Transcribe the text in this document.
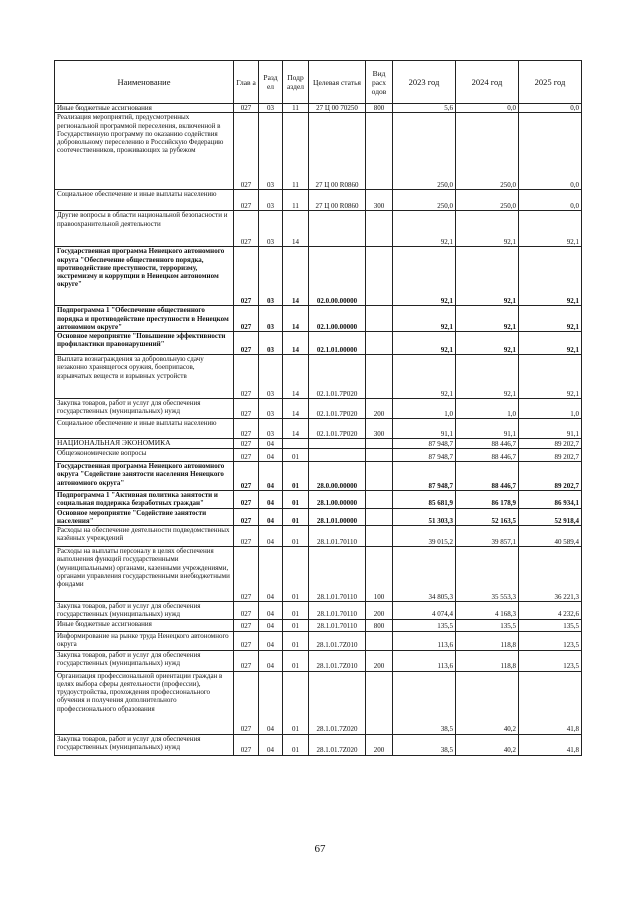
Наименование	Глав а	Разд ел	Подр аздел	Целевая статья	Вид расх одов	2023 год	2024 год	2025 год
Иные бюджетные ассигнования	027	03	11	27 Ц 00 70250	800	5,6	0,0	0,0
Реализация мероприятий, предусмотренных региональной программой переселения, включенной в Государственную программу по оказанию содействия добровольному переселению в Российскую Федерацию соотечественников, проживающих за рубежом	027	03	11	27 Ц 00 R0860		250,0	250,0	0,0
Социальное обеспечение и иные выплаты населению	027	03	11	27 Ц 00 R0860	300	250,0	250,0	0,0
Другие вопросы в области национальной безопасности и правоохранительной деятельности	027	03	14			92,1	92,1	92,1
Государственная программа Ненецкого автономного округа "Обеспечение общественного порядка, противодействие преступности, терроризму, экстремизму и коррупции в Ненецком автономном округе"	027	03	14	02.0.00.00000		92,1	92,1	92,1
Подпрограмма 1 "Обеспечение общественного порядка и противодействие преступности в Ненецком автономном округе"	027	03	14	02.1.00.00000		92,1	92,1	92,1
Основное мероприятие "Повышение эффективности профилактики правонарушений"	027	03	14	02.1.01.00000		92,1	92,1	92,1
Выплата вознаграждения за добровольную сдачу незаконно хранящегося оружия, боеприпасов, взрывчатых веществ и взрывных устройств	027	03	14	02.1.01.7Р020		92,1	92,1	92,1
Закупка товаров, работ и услуг для обеспечения государственных (муниципальных) нужд	027	03	14	02.1.01.7Р020	200	1,0	1,0	1,0
Социальное обеспечение и иные выплаты населению	027	03	14	02.1.01.7Р020	300	91,1	91,1	91,1
НАЦИОНАЛЬНАЯ ЭКОНОМИКА	027	04				87 948,7	88 446,7	89 202,7
Общеэкономические вопросы	027	04	01			87 948,7	88 446,7	89 202,7
Государственная программа Ненецкого автономного округа "Содействие занятости населения Ненецкого автономного округа"	027	04	01	28.0.00.00000		87 948,7	88 446,7	89 202,7
Подпрограмма 1 "Активная политика занятости и социальная поддержка безработных граждан"	027	04	01	28.1.00.00000		85 681,9	86 178,9	86 934,1
Основное мероприятие "Содействие занятости населения"	027	04	01	28.1.01.00000		51 303,3	52 163,5	52 918,4
Расходы на обеспечение деятельности подведомственных казённых учреждений	027	04	01	28.1.01.70110		39 015,2	39 857,1	40 589,4
Расходы на выплаты персоналу в целях обеспечения выполнения функций государственными (муниципальными) органами, казенными учреждениями, органами управления государственными внебюджетными фондами	027	04	01	28.1.01.70110	100	34 805,3	35 553,3	36 221,3
Закупка товаров, работ и услуг для обеспечения государственных (муниципальных) нужд	027	04	01	28.1.01.70110	200	4 074,4	4 168,3	4 232,6
Иные бюджетные ассигнования	027	04	01	28.1.01.70110	800	135,5	135,5	135,5
Информирование на рынке труда Ненецкого автономного округа	027	04	01	28.1.01.7Z010		113,6	118,8	123,5
Закупка товаров, работ и услуг для обеспечения государственных (муниципальных) нужд	027	04	01	28.1.01.7Z010	200	113,6	118,8	123,5
Организация профессиональной ориентации граждан в целях выбора сферы деятельности (профессии), трудоустройства, прохождения профессионального обучения и получения дополнительного профессионального образования	027	04	01	28.1.01.7Z020		38,5	40,2	41,8
Закупка товаров, работ и услуг для обеспечения государственных (муниципальных) нужд	027	04	01	28.1.01.7Z020	200	38,5	40,2	41,8
67
